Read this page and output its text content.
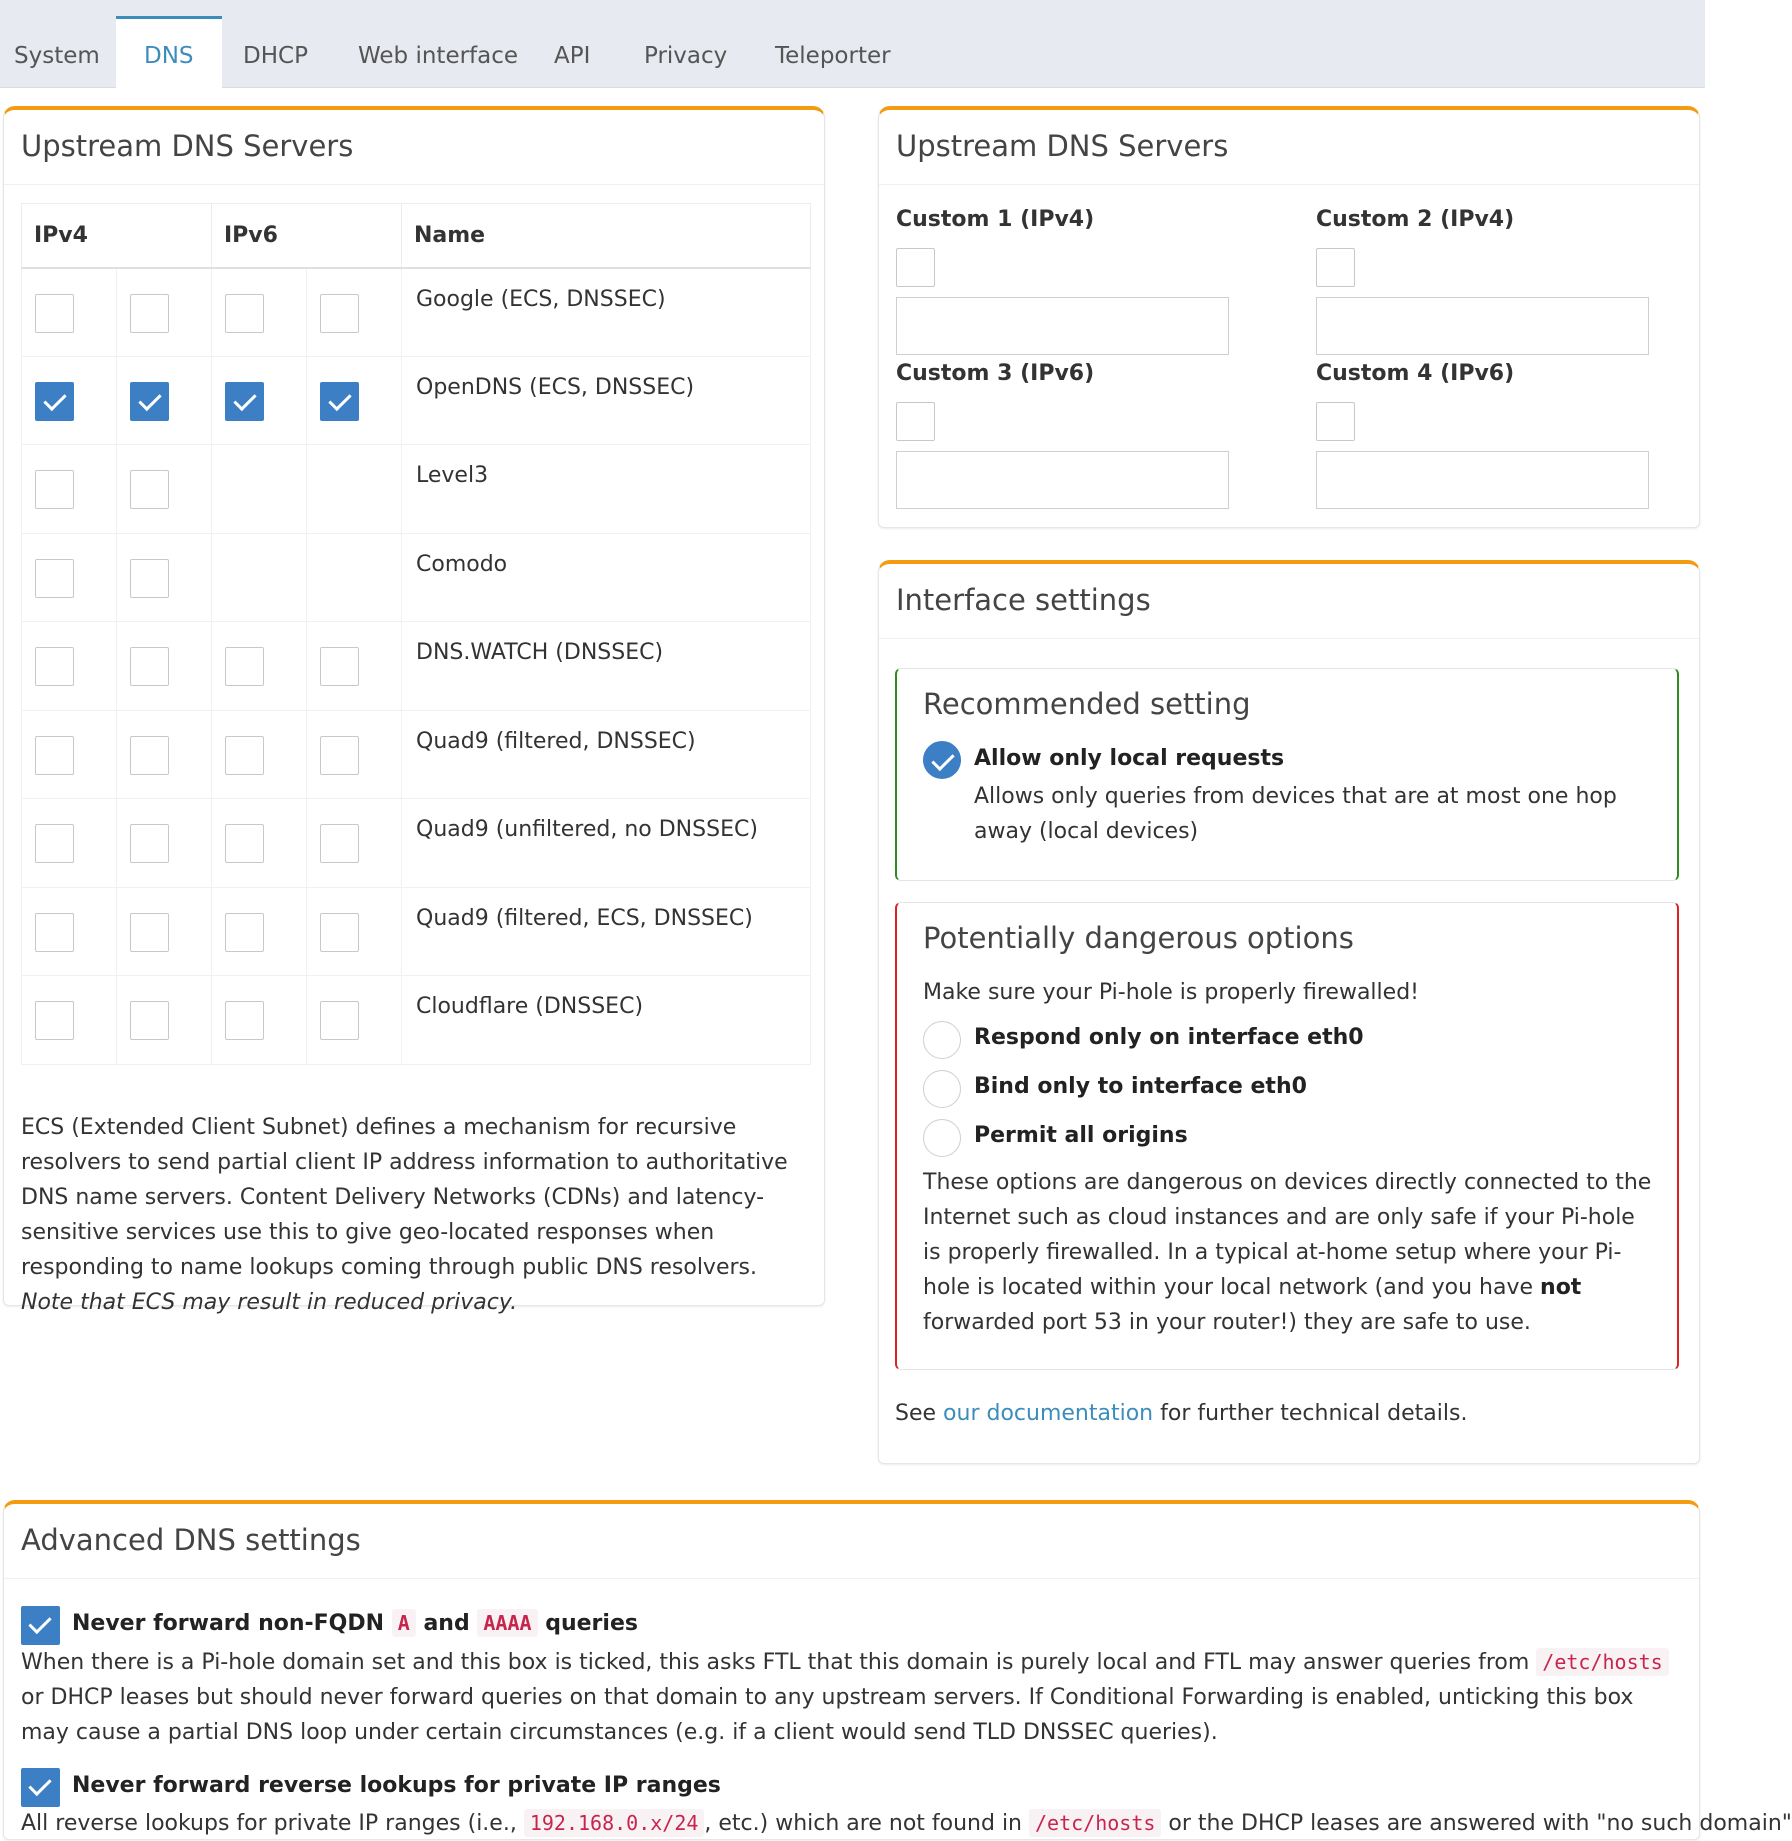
System	DNS	DHCP	Web interface	API	Privacy	Teleporter
Upstream DNS Servers
IPv4		IPv6		Name
				Google (ECS, DNSSEC)
				OpenDNS (ECS, DNSSEC)
				Level3
				Comodo
				DNS.WATCH (DNSSEC)
				Quad9 (filtered, DNSSEC)
				Quad9 (unfiltered, no DNSSEC)
				Quad9 (filtered, ECS, DNSSEC)
				Cloudflare (DNSSEC)

ECS (Extended Client Subnet) defines a mechanism for recursive resolvers to send partial client IP address information to authoritative DNS name servers. Content Delivery Networks (CDNs) and latency-sensitive services use this to give geo-located responses when responding to name lookups coming through public DNS resolvers. Note that ECS may result in reduced privacy.

Upstream DNS Servers
Custom 1 (IPv4)	Custom 2 (IPv4)
Custom 3 (IPv6)	Custom 4 (IPv6)
Interface settings
Recommended setting
Allow only local requests
Allows only queries from devices that are at most one hop away (local devices)
Potentially dangerous options
Make sure your Pi-hole is properly firewalled!
Respond only on interface eth0
Bind only to interface eth0
Permit all origins
These options are dangerous on devices directly connected to the Internet such as cloud instances and are only safe if your Pi-hole is properly firewalled. In a typical at-home setup where your Pi-hole is located within your local network (and you have not forwarded port 53 in your router!) they are safe to use.
See our documentation for further technical details.
Advanced DNS settings
Never forward non-FQDN A and AAAA queries
When there is a Pi-hole domain set and this box is ticked, this asks FTL that this domain is purely local and FTL may answer queries from /etc/hosts or DHCP leases but should never forward queries on that domain to any upstream servers. If Conditional Forwarding is enabled, unticking this box may cause a partial DNS loop under certain circumstances (e.g. if a client would send TLD DNSSEC queries).
Never forward reverse lookups for private IP ranges
All reverse lookups for private IP ranges (i.e., 192.168.0.x/24 , etc.) which are not found in /etc/hosts or the DHCP leases are answered with "no such domain"
